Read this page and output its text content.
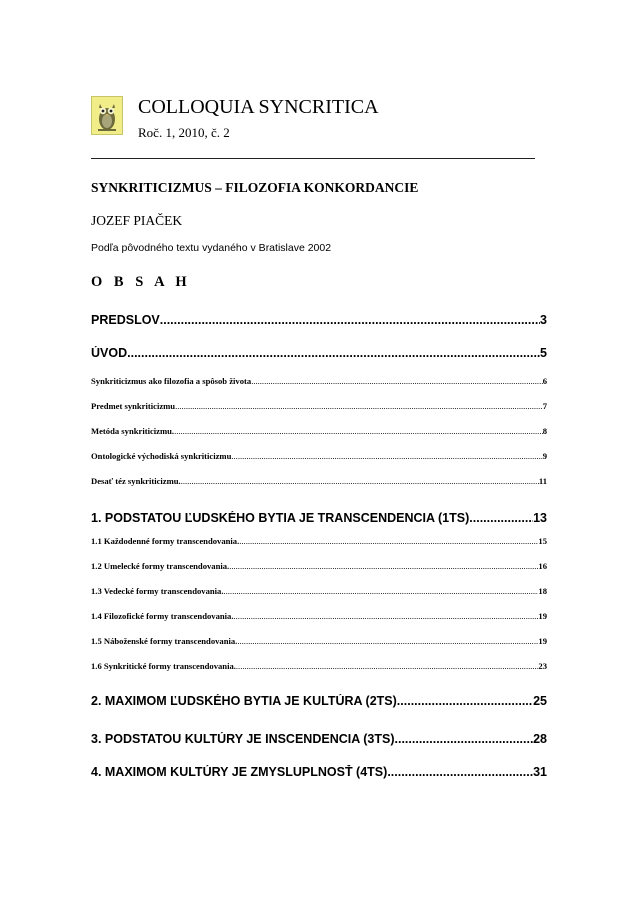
COLLOQUIA SYNCRITICA
Roč. 1, 2010, č. 2
SYNKRITICIZMUS – FILOZOFIA KONKORDANCIE
JOZEF PIAČEK
Podľa pôvodného textu vydaného v Bratislave 2002
O B S A H
PREDSLOV .....	3
ÚVOD .....	5
Synkriticizmus ako filozofia a spôsob života .....	6
Predmet synkriticizmu .....	7
Metóda synkriticizmu. .....	8
Ontologické východiská synkriticizmu .....	9
Desať téz synkriticizmu. .....	11
1. PODSTATOU ĽUDSKÉHO BYTIA JE TRANSCENDENCIA (1TS) .....	13
1.1 Každodenné formy transcendovania. .....	15
1.2 Umelecké formy transcendovania. .....	16
1.3 Vedecké formy transcendovania. .....	18
1.4 Filozofické formy transcendovania. .....	19
1.5 Náboženské formy transcendovania. .....	19
1.6 Synkritické formy transcendovania. .....	23
2. MAXIMOM ĽUDSKÉHO BYTIA JE KULTÚRA (2TS) .....	25
3. PODSTATOU KULTÚRY JE INSCENDENCIA (3TS) .....	28
4. MAXIMOM KULTÚRY JE ZMYSLUPLNOSŤ (4TS) .....	31
